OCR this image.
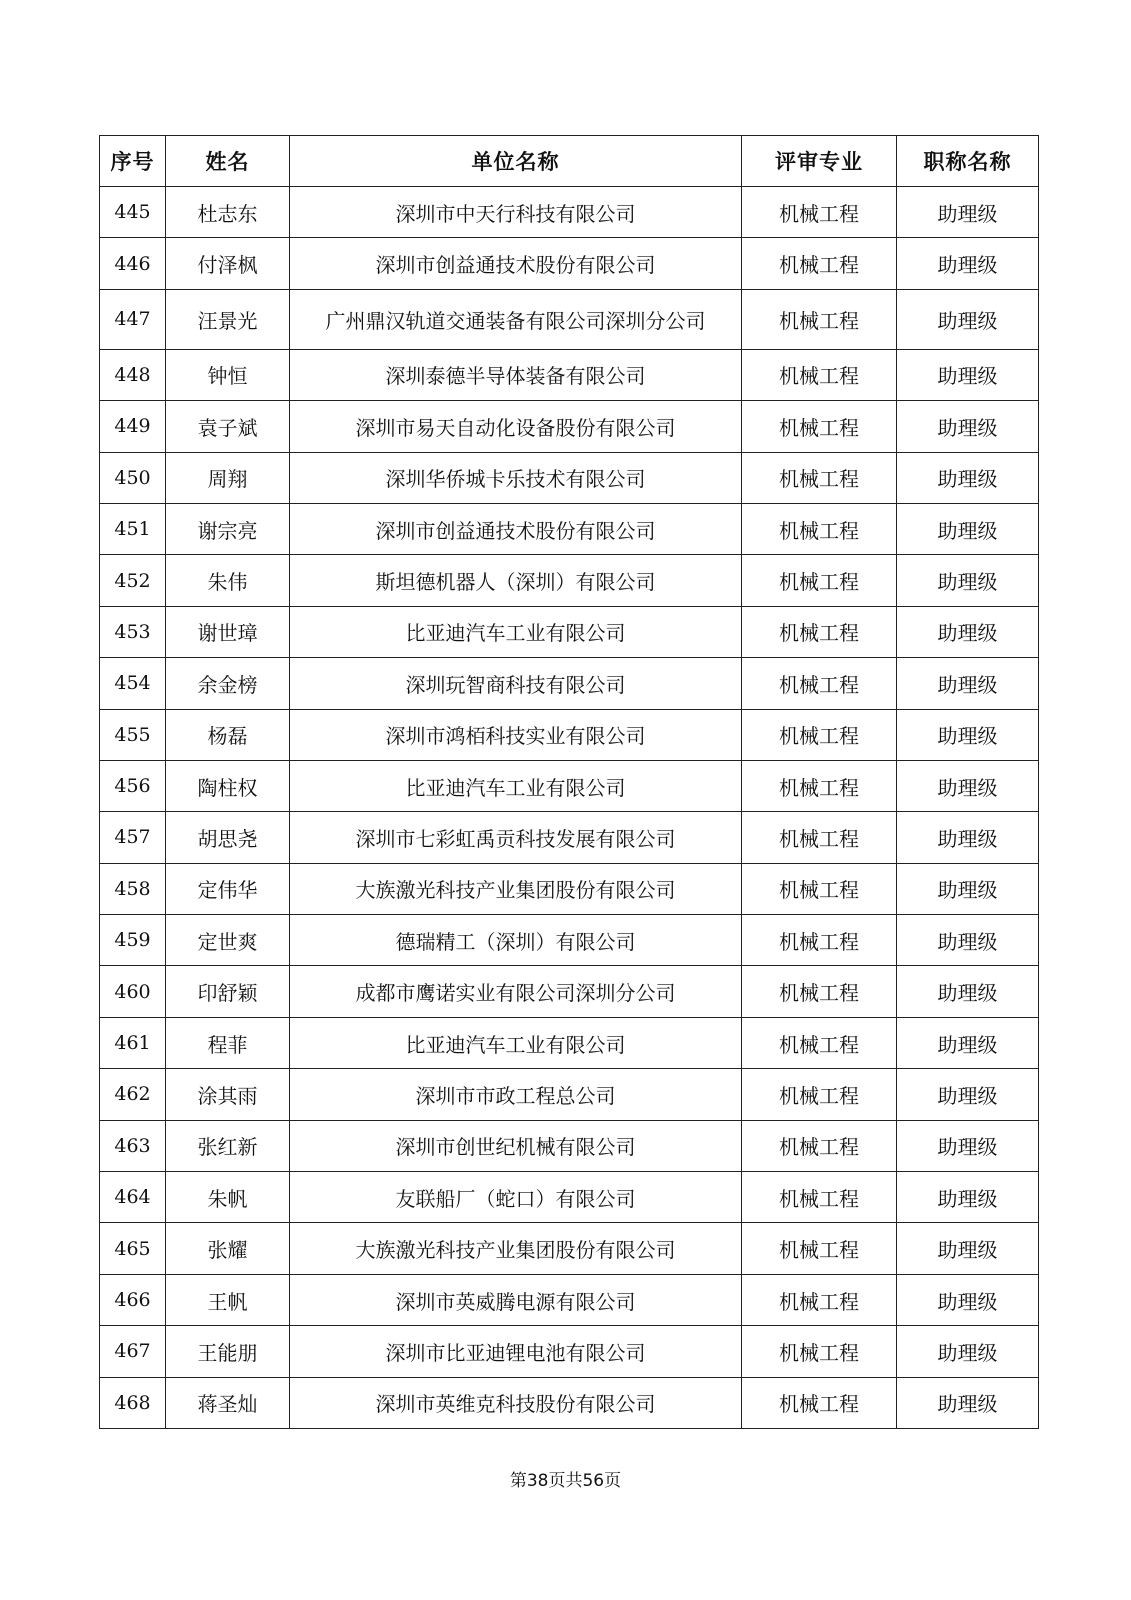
序号	姓名	单位名称	评审专业	职称名称
445	杜志东	深圳市中天行科技有限公司	机械工程	助理级
446	付泽枫	深圳市创益通技术股份有限公司	机械工程	助理级
447	汪景光	广州鼎汉轨道交通装备有限公司深圳分公司	机械工程	助理级
448	钟恒	深圳泰德半导体装备有限公司	机械工程	助理级
449	袁子斌	深圳市易天自动化设备股份有限公司	机械工程	助理级
450	周翔	深圳华侨城卡乐技术有限公司	机械工程	助理级
451	谢宗亮	深圳市创益通技术股份有限公司	机械工程	助理级
452	朱伟	斯坦德机器人（深圳）有限公司	机械工程	助理级
453	谢世璋	比亚迪汽车工业有限公司	机械工程	助理级
454	余金榜	深圳玩智商科技有限公司	机械工程	助理级
455	杨磊	深圳市鸿栢科技实业有限公司	机械工程	助理级
456	陶柱权	比亚迪汽车工业有限公司	机械工程	助理级
457	胡思尧	深圳市七彩虹禹贡科技发展有限公司	机械工程	助理级
458	定伟华	大族激光科技产业集团股份有限公司	机械工程	助理级
459	定世爽	德瑞精工（深圳）有限公司	机械工程	助理级
460	印舒颖	成都市鹰诺实业有限公司深圳分公司	机械工程	助理级
461	程菲	比亚迪汽车工业有限公司	机械工程	助理级
462	涂其雨	深圳市市政工程总公司	机械工程	助理级
463	张红新	深圳市创世纪机械有限公司	机械工程	助理级
464	朱帆	友联船厂（蛇口）有限公司	机械工程	助理级
465	张耀	大族激光科技产业集团股份有限公司	机械工程	助理级
466	王帆	深圳市英威腾电源有限公司	机械工程	助理级
467	王能朋	深圳市比亚迪锂电池有限公司	机械工程	助理级
468	蒋圣灿	深圳市英维克科技股份有限公司	机械工程	助理级
第38页共56页
